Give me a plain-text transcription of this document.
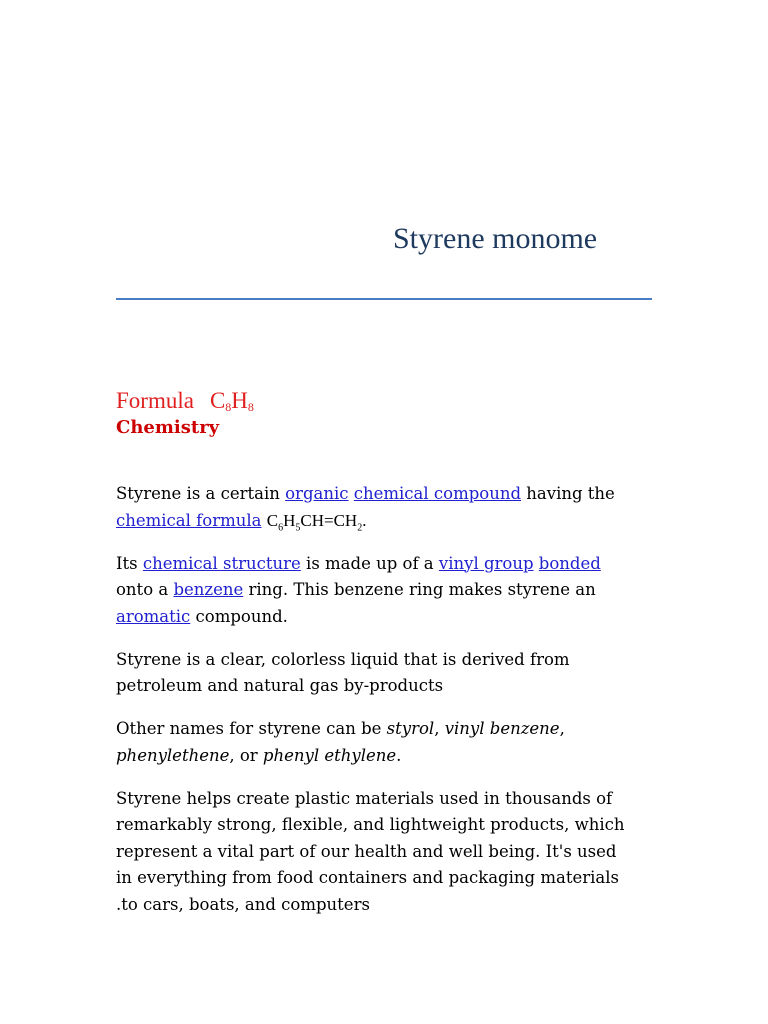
Styrene monome
Formula $C_8H_8$
Chemistry

Styrene is a certain organic chemical compound having the
chemical formula $C_6H_5CH=CH_2$.

Its chemical structure is made up of a vinyl group bonded
onto a benzene ring. This benzene ring makes styrene an
aromatic compound.

Styrene is a clear, colorless liquid that is derived from petroleum and natural gas by-products

Other names for styrene can be styrol, vinyl benzene,
phenylethene, or phenyl ethylene.

Styrene helps create plastic materials used in thousands of
remarkably strong, flexible, and lightweight products, which
represent a vital part of our health and well being. It's used
in everything from food containers and packaging materials
.to cars, boats, and computers
